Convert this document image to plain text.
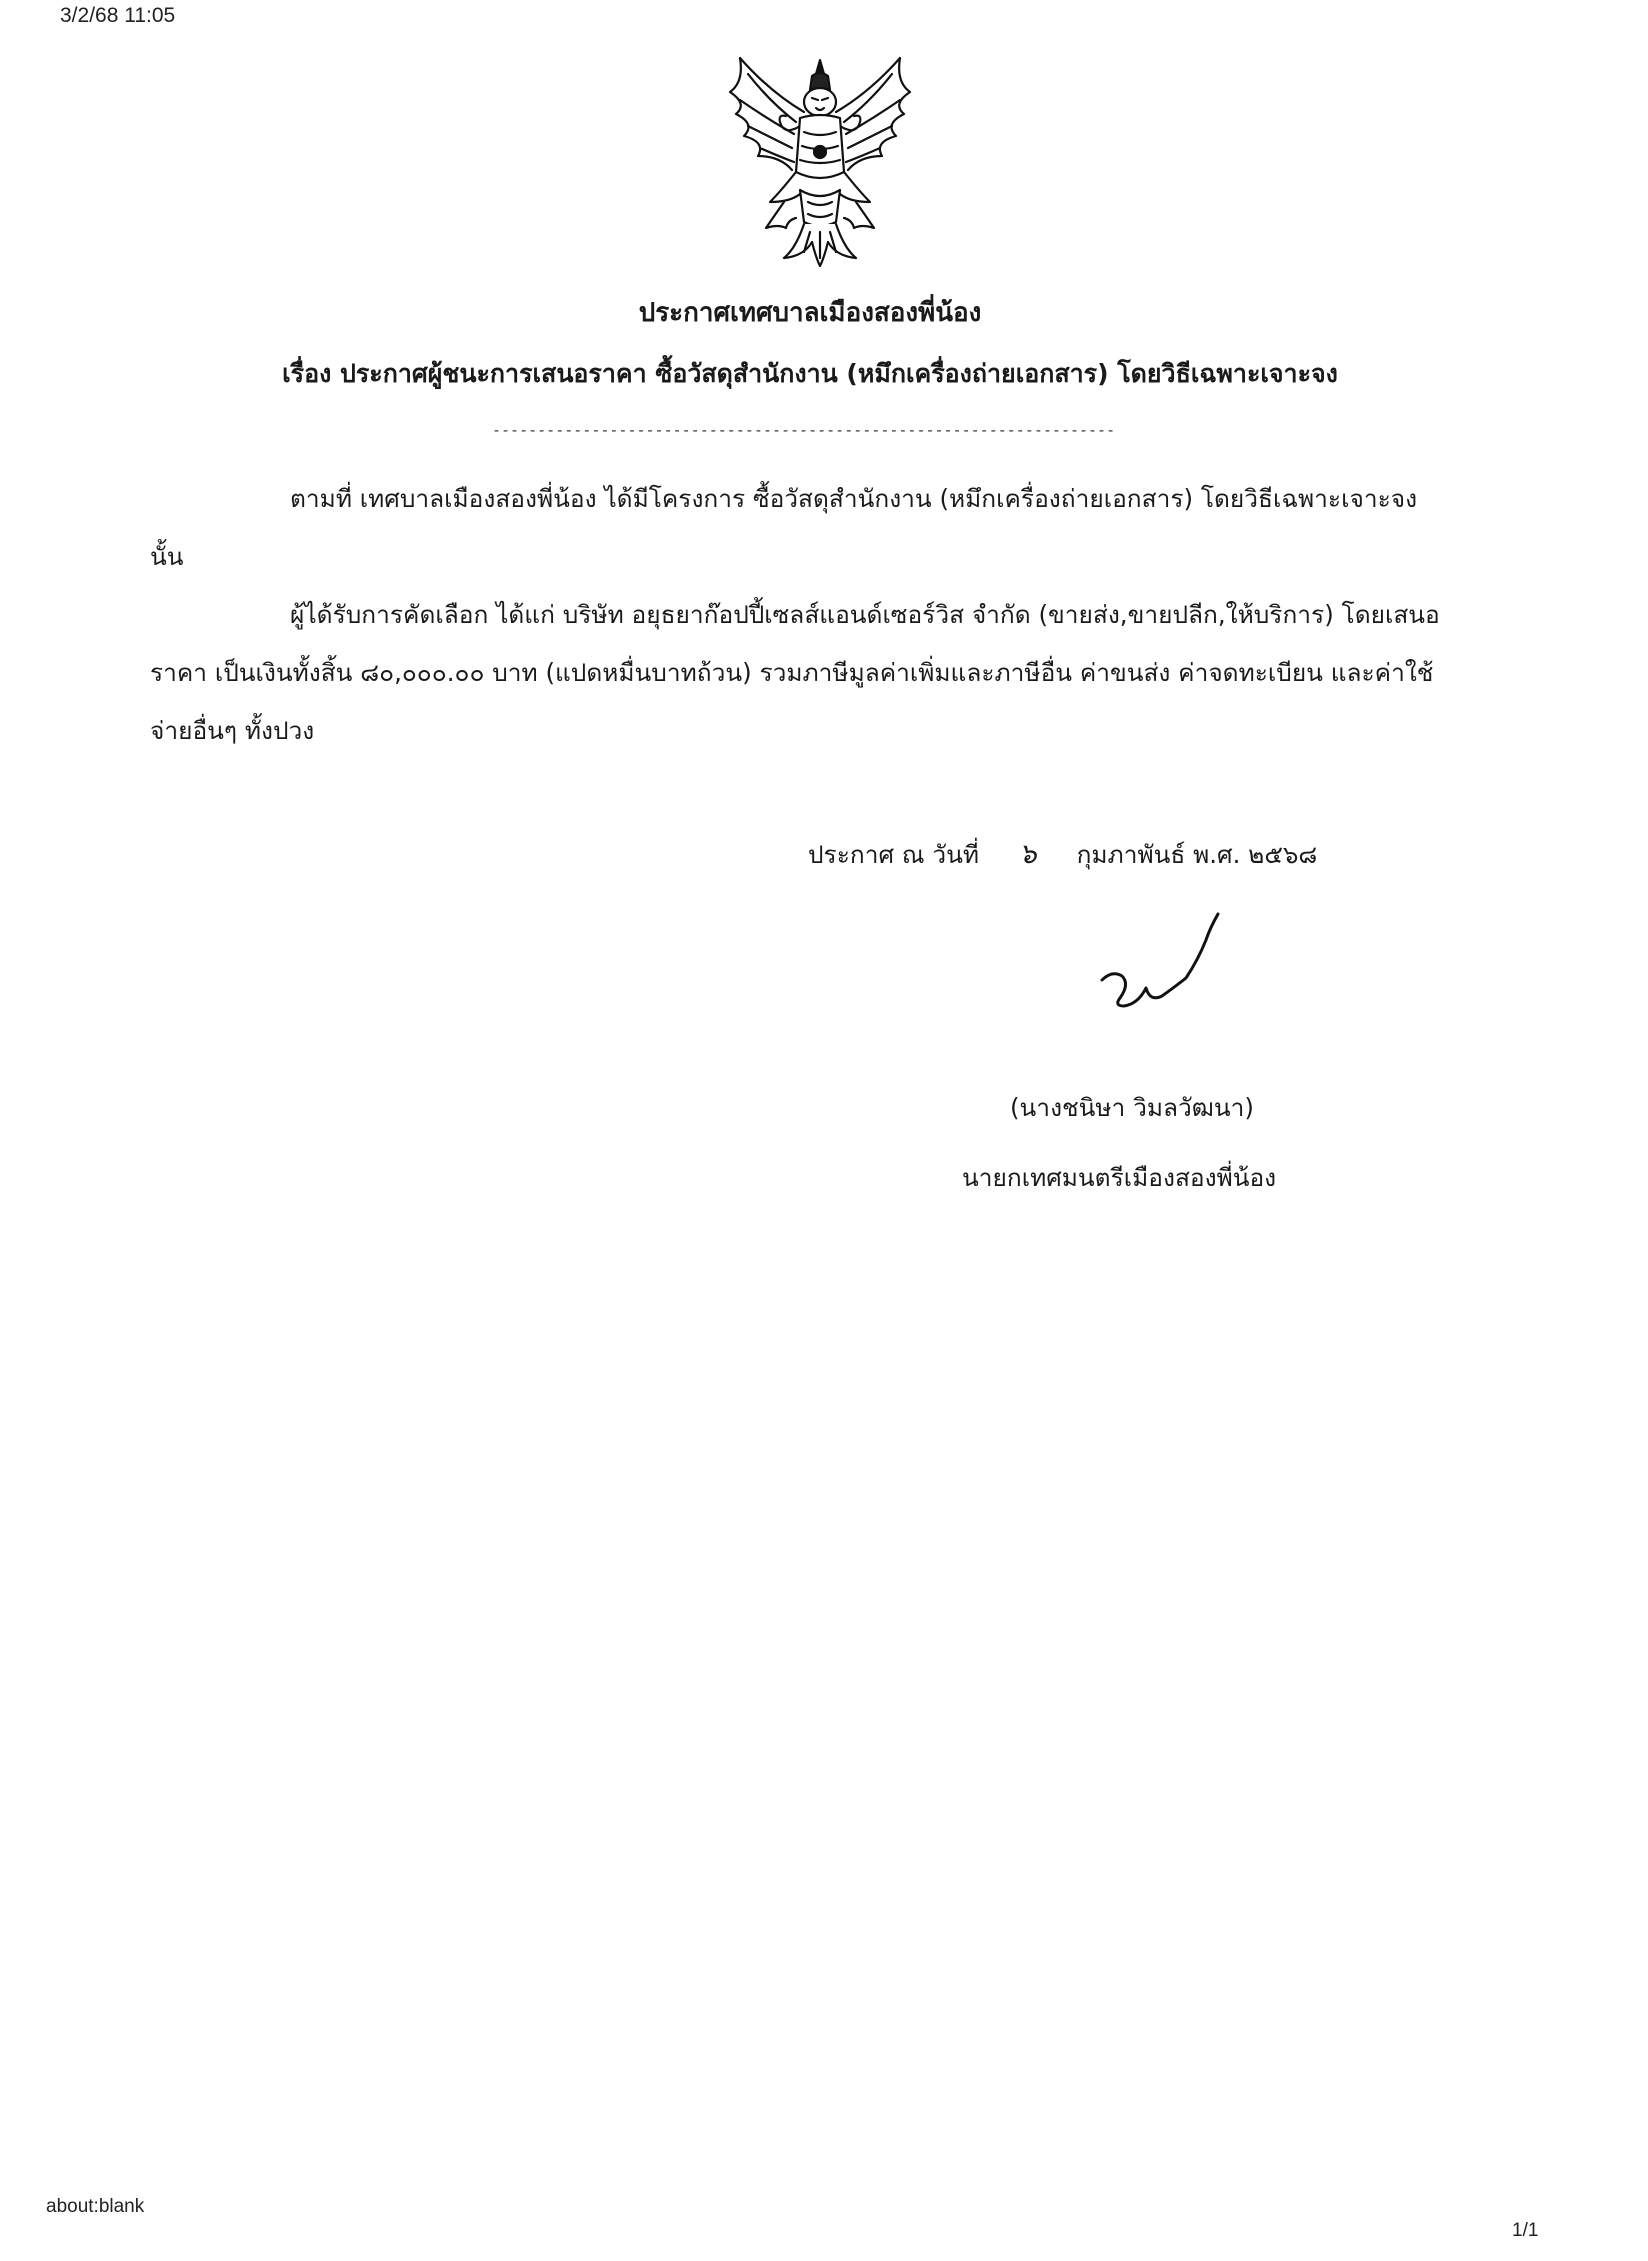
3/2/68 11:05
ประกาศเทศบาลเมืองสองพี่น้อง
เรื่อง ประกาศผู้ชนะการเสนอราคา ซื้อวัสดุสำนักงาน (หมึกเครื่องถ่ายเอกสาร) โดยวิธีเฉพาะเจาะจง
---------------------------------------------------------------------

ตามที่ เทศบาลเมืองสองพี่น้อง ได้มีโครงการ ซื้อวัสดุสำนักงาน (หมึกเครื่องถ่ายเอกสาร) โดยวิธีเฉพาะเจาะจง นั้น

ผู้ได้รับการคัดเลือก ได้แก่ บริษัท อยุธยาก๊อปปี้เซลส์แอนด์เซอร์วิส จำกัด (ขายส่ง,ขายปลีก,ให้บริการ) โดยเสนอราคา เป็นเงินทั้งสิ้น ๘๐,๐๐๐.๐๐ บาท (แปดหมื่นบาทถ้วน) รวมภาษีมูลค่าเพิ่มและภาษีอื่น ค่าขนส่ง ค่าจดทะเบียน และค่าใช้จ่ายอื่นๆ ทั้งปวง

ประกาศ ณ วันที่ ๖ กุมภาพันธ์ พ.ศ. ๒๕๖๘
(นางชนิษา วิมลวัฒนา)
นายกเทศมนตรีเมืองสองพี่น้อง
about:blank
1/1
